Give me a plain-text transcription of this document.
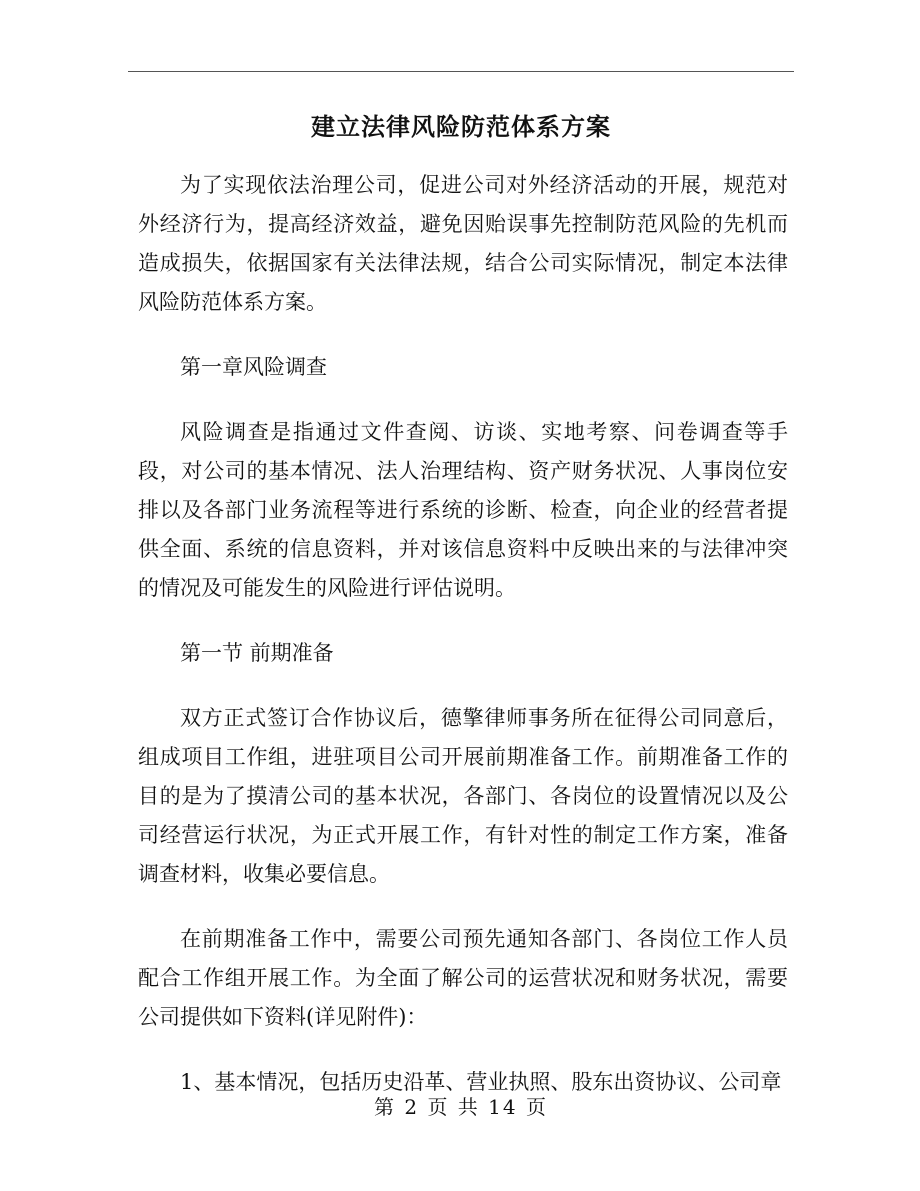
建立法律风险防范体系方案

为了实现依法治理公司，促进公司对外经济活动的开展，规范对外经济行为，提高经济效益，避免因贻误事先控制防范风险的先机而造成损失，依据国家有关法律法规，结合公司实际情况，制定本法律风险防范体系方案。

第一章风险调查

风险调查是指通过文件查阅、访谈、实地考察、问卷调查等手段，对公司的基本情况、法人治理结构、资产财务状况、人事岗位安排以及各部门业务流程等进行系统的诊断、检查，向企业的经营者提供全面、系统的信息资料，并对该信息资料中反映出来的与法律冲突的情况及可能发生的风险进行评估说明。

第一节 前期准备

双方正式签订合作协议后，德擎律师事务所在征得公司同意后，组成项目工作组，进驻项目公司开展前期准备工作。前期准备工作的目的是为了摸清公司的基本状况，各部门、各岗位的设置情况以及公司经营运行状况，为正式开展工作，有针对性的制定工作方案，准备调查材料，收集必要信息。

在前期准备工作中，需要公司预先通知各部门、各岗位工作人员配合工作组开展工作。为全面了解公司的运营状况和财务状况，需要公司提供如下资料(详见附件)：

1、基本情况，包括历史沿革、营业执照、股东出资协议、公司章

第 2 页 共 14 页
